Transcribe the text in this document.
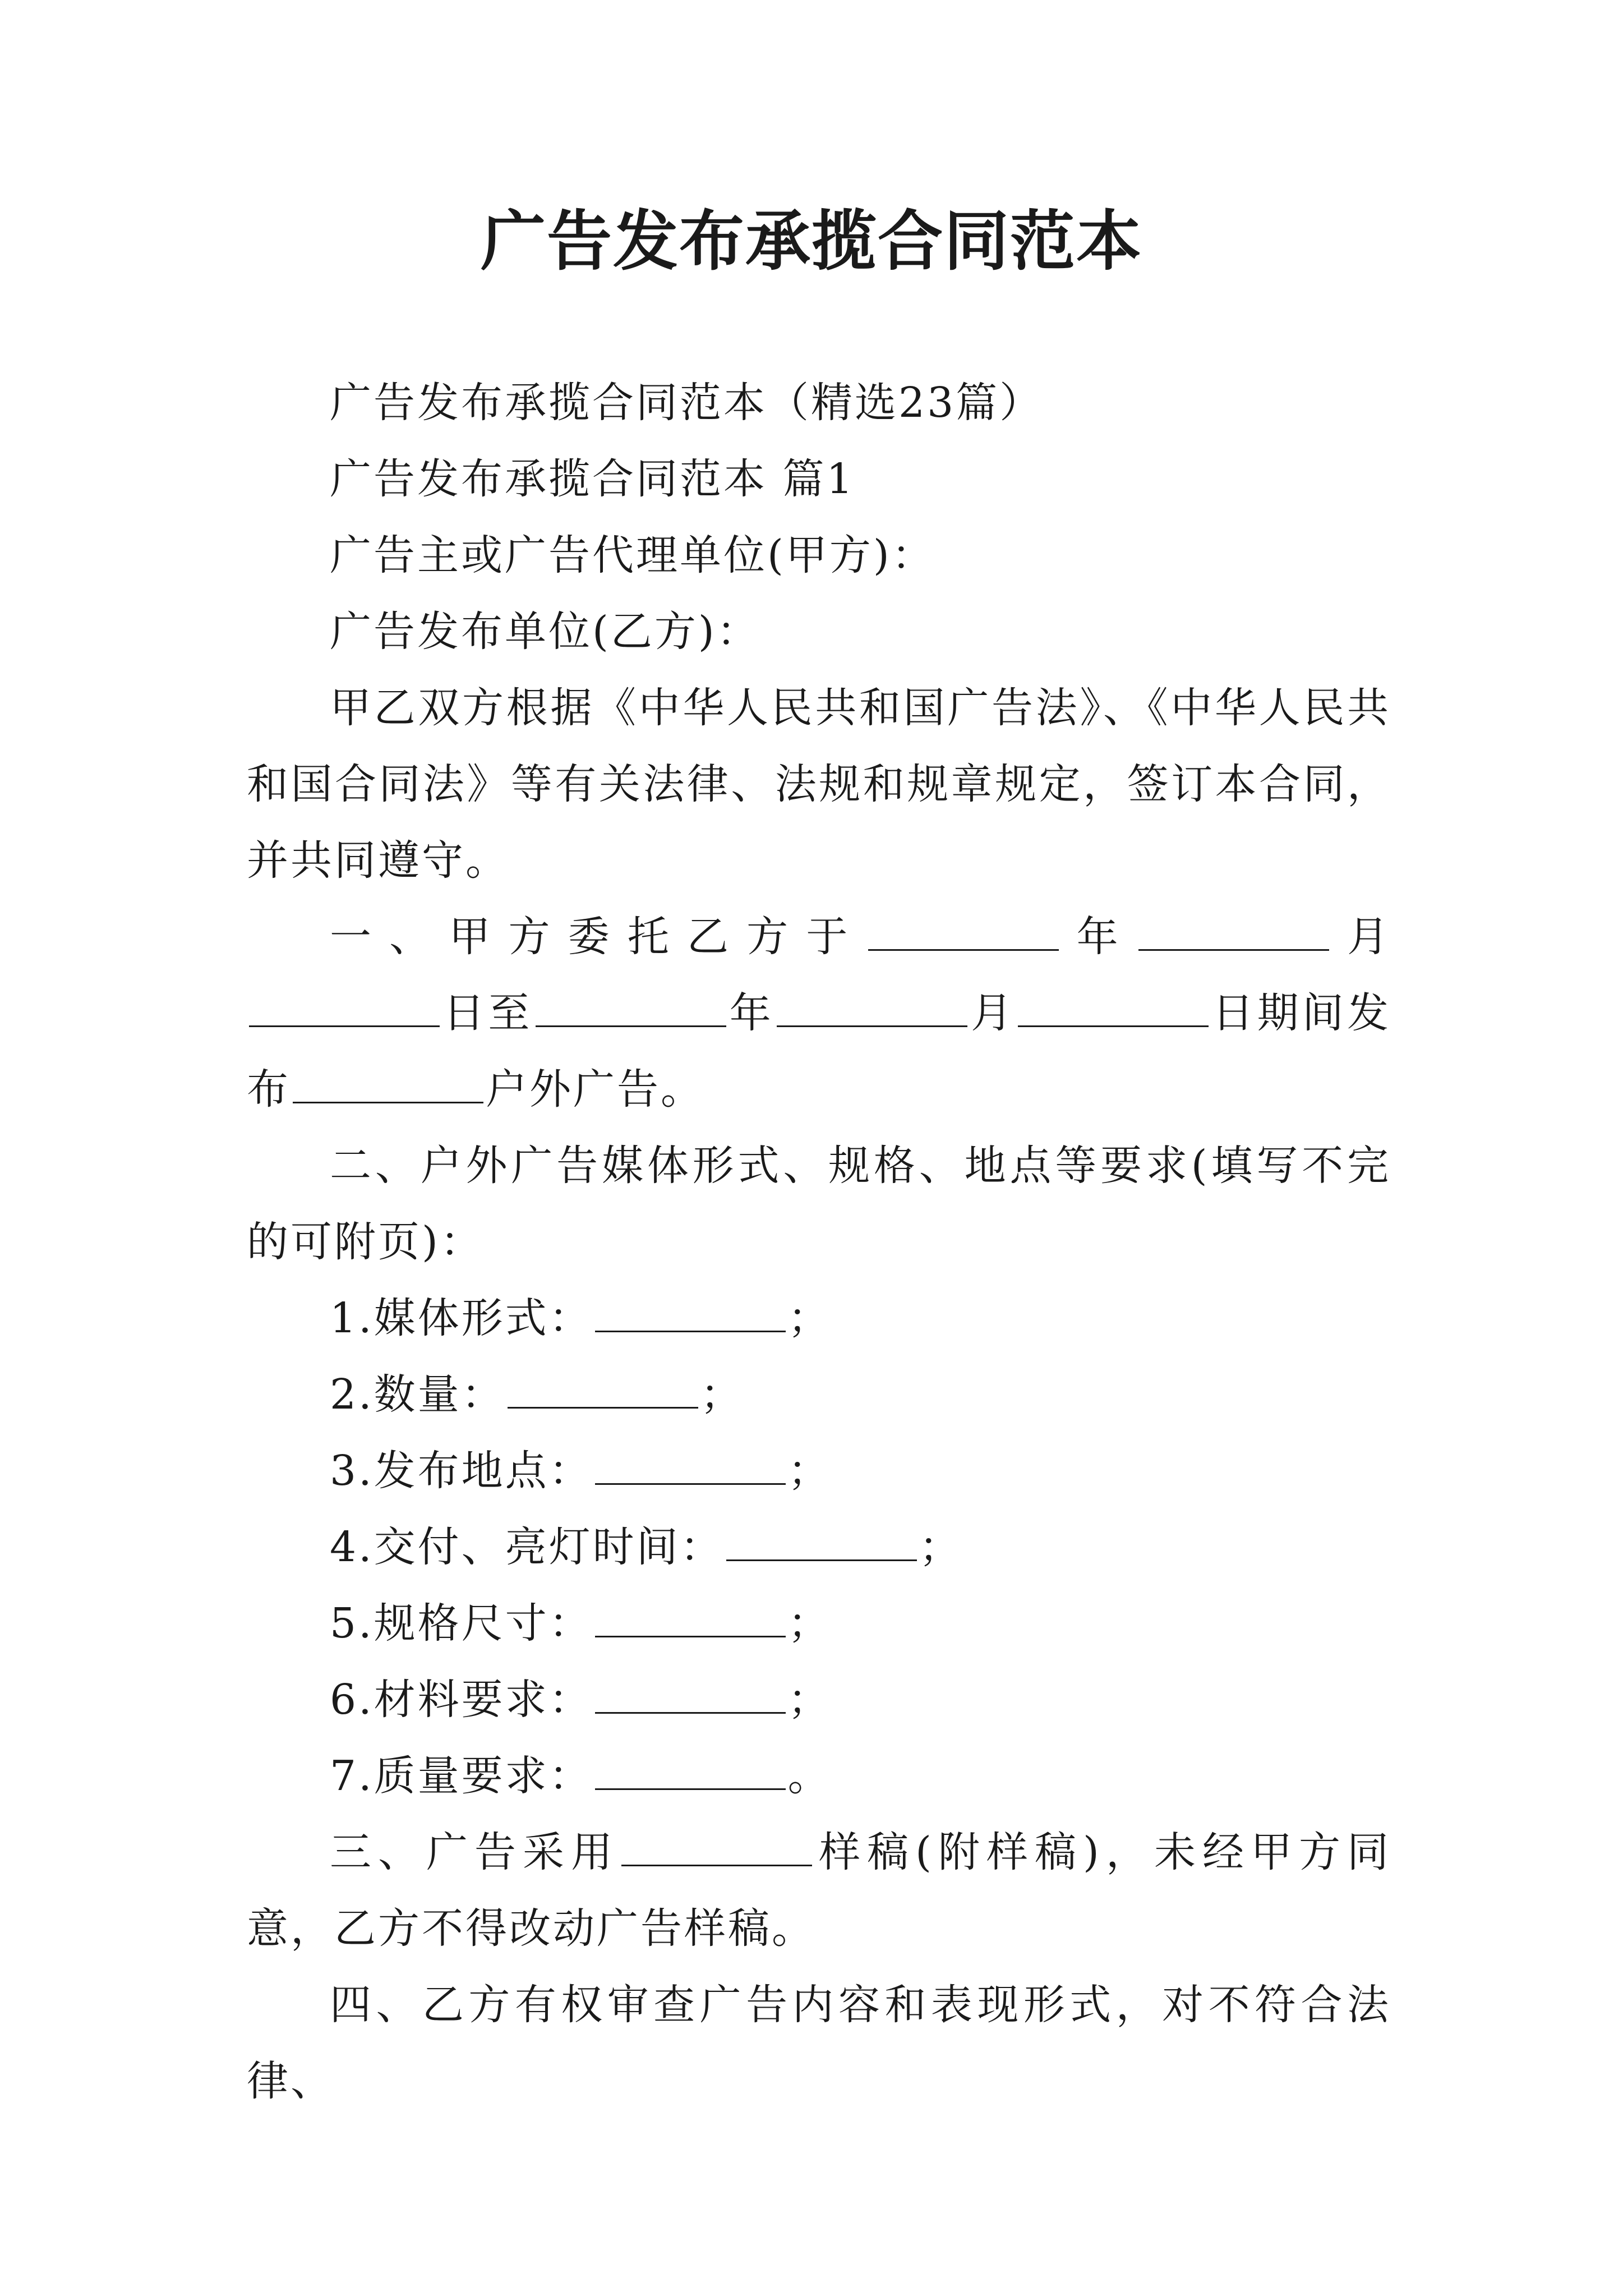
广告发布承揽合同范本

广告发布承揽合同范本（精选23篇）

广告发布承揽合同范本 篇1

广告主或广告代理单位(甲方)：

广告发布单位(乙方)：

甲乙双方根据《中华人民共和国广告法》、《中华人民共和国合同法》等有关法律、法规和规章规定，签订本合同，并共同遵守。

一、甲方委托乙方于	年	月日至	年	月	日期间发布	户外广告。

二、户外广告媒体形式、规格、地点等要求(填写不完的可附页)：

1.媒体形式：	；

2.数量：	；

3.发布地点：	；

4.交付、亮灯时间：	；

5.规格尺寸：	；

6.材料要求：	；

7.质量要求：	。

三、广告采用	样稿(附样稿)，未经甲方同意，乙方不得改动广告样稿。

四、乙方有权审查广告内容和表现形式，对不符合法律、
